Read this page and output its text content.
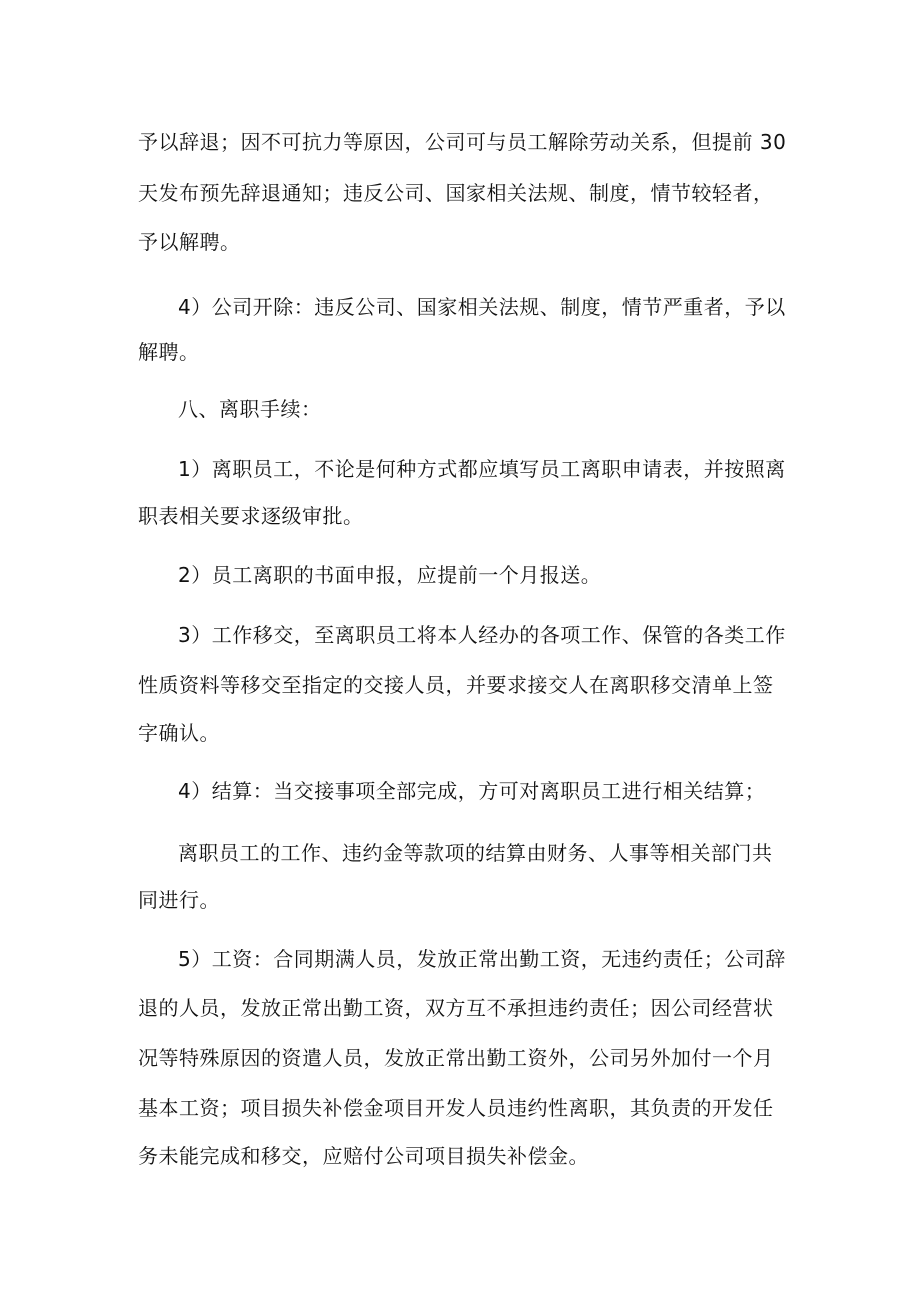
予以辞退；因不可抗力等原因，公司可与员工解除劳动关系，但提前 30
天发布预先辞退通知；违反公司、国家相关法规、制度，情节较轻者，
予以解聘。
4）公司开除：违反公司、国家相关法规、制度，情节严重者，予以
解聘。
八、离职手续：
1）离职员工，不论是何种方式都应填写员工离职申请表，并按照离
职表相关要求逐级审批。
2）员工离职的书面申报，应提前一个月报送。
3）工作移交，至离职员工将本人经办的各项工作、保管的各类工作
性质资料等移交至指定的交接人员，并要求接交人在离职移交清单上签
字确认。
4）结算：当交接事项全部完成，方可对离职员工进行相关结算；
离职员工的工作、违约金等款项的结算由财务、人事等相关部门共
同进行。
5）工资：合同期满人员，发放正常出勤工资，无违约责任；公司辞
退的人员，发放正常出勤工资，双方互不承担违约责任；因公司经营状
况等特殊原因的资遣人员，发放正常出勤工资外，公司另外加付一个月
基本工资；项目损失补偿金项目开发人员违约性离职，其负责的开发任
务未能完成和移交，应赔付公司项目损失补偿金。
